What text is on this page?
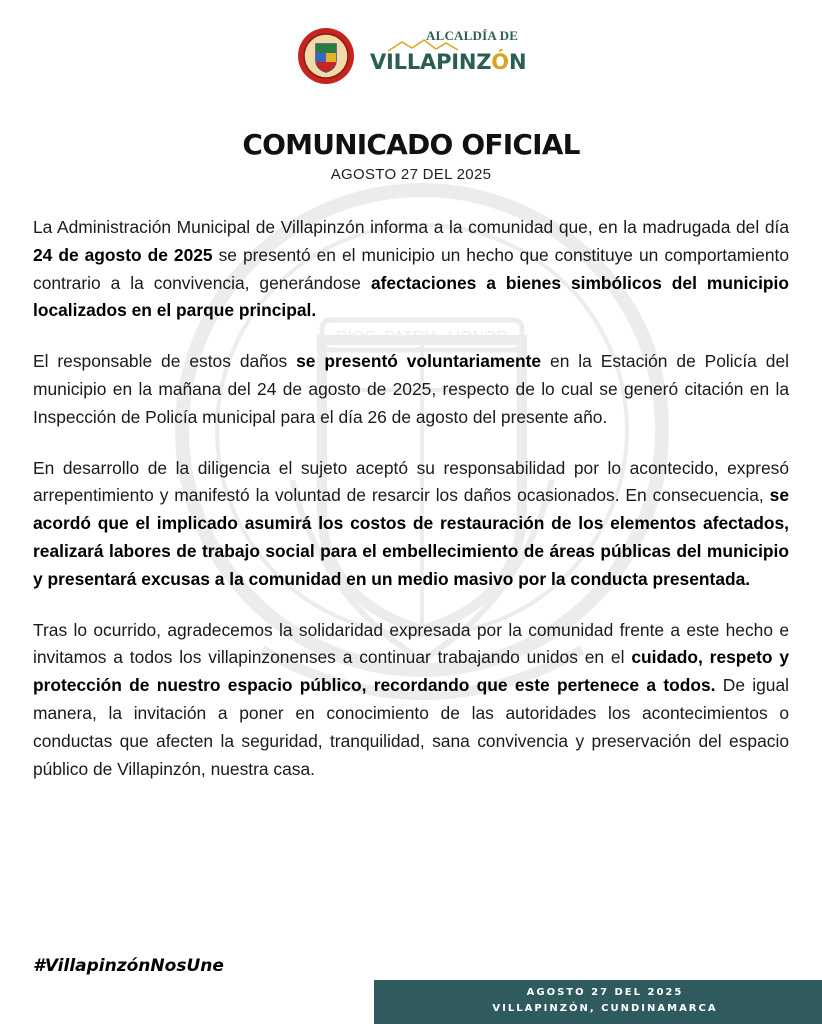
DIOS, PATRIA, HONOR
ALCALDÍA DE
VILLAPINZÓN
COMUNICADO OFICIAL
AGOSTO 27 DEL 2025

La Administración Municipal de Villapinzón informa a la comunidad que, en la madrugada del día 24 de agosto de 2025 se presentó en el municipio un hecho que constituye un comportamiento contrario a la convivencia, generándose afectaciones a bienes simbólicos del municipio localizados en el parque principal.

El responsable de estos daños se presentó voluntariamente en la Estación de Policía del municipio en la mañana del 24 de agosto de 2025, respecto de lo cual se generó citación en la Inspección de Policía municipal para el día 26 de agosto del presente año.

En desarrollo de la diligencia el sujeto aceptó su responsabilidad por lo acontecido, expresó arrepentimiento y manifestó la voluntad de resarcir los daños ocasionados. En consecuencia, se acordó que el implicado asumirá los costos de restauración de los elementos afectados, realizará labores de trabajo social para el embellecimiento de áreas públicas del municipio y presentará excusas a la comunidad en un medio masivo por la conducta presentada.

Tras lo ocurrido, agradecemos la solidaridad expresada por la comunidad frente a este hecho e invitamos a todos los villapinzonenses a continuar trabajando unidos en el cuidado, respeto y protección de nuestro espacio público, recordando que este pertenece a todos. De igual manera, la invitación a poner en conocimiento de las autoridades los acontecimientos o conductas que afecten la seguridad, tranquilidad, sana convivencia y preservación del espacio público de Villapinzón, nuestra casa.

#VillapinzónNosUne
AGOSTO 27 DEL 2025
VILLAPINZÓN, CUNDINAMARCA
